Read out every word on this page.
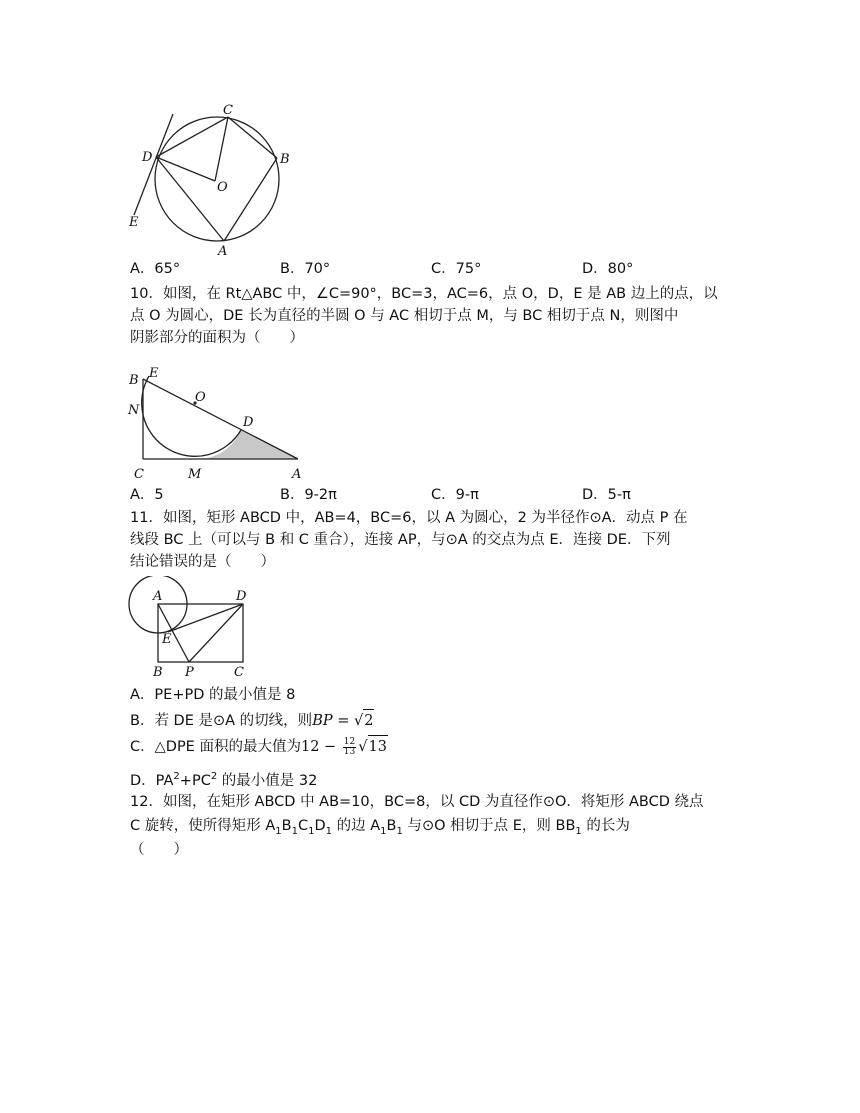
C
D	B
O
E
A
A．65°	B．70°	C．75°	D．80°
10．如图，在 Rt△ABC 中，∠C=90°，BC=3，AC=6，点 O，D，E 是 AB 边上的点，以
点 O 为圆心，DE 长为直径的半圆 O 与 AC 相切于点 M，与 BC 相切于点 N，则图中
阴影部分的面积为（　　）
B E
O
N
D
C	M	A
A．5	B．9-2π	C．9-π	D．5-π
11．如图，矩形 ABCD 中，AB=4，BC=6，以 A 为圆心，2 为半径作⊙A．动点 P 在
线段 BC 上（可以与 B 和 C 重合），连接 AP，与⊙A 的交点为点 E．连接 DE．下列
结论错误的是（　　）
A	D
E
B P	C
A．PE+PD 的最小值是 8
B．若 DE 是⊙A 的切线，则BP = √2
C．△DPE 面积的最大值为$12 - \frac{12}{13} √13$
D．$PA^2+PC^2$ 的最小值是 32
12．如图，在矩形 ABCD 中 AB=10，BC=8，以 CD 为直径作⊙O．将矩形 ABCD 绕点
C 旋转，使所得矩形 $A_1B_1C_1D_1$ 的边 $A_1B_1$ 与⊙O 相切于点 E，则 $BB_1$ 的长为
（　　）
